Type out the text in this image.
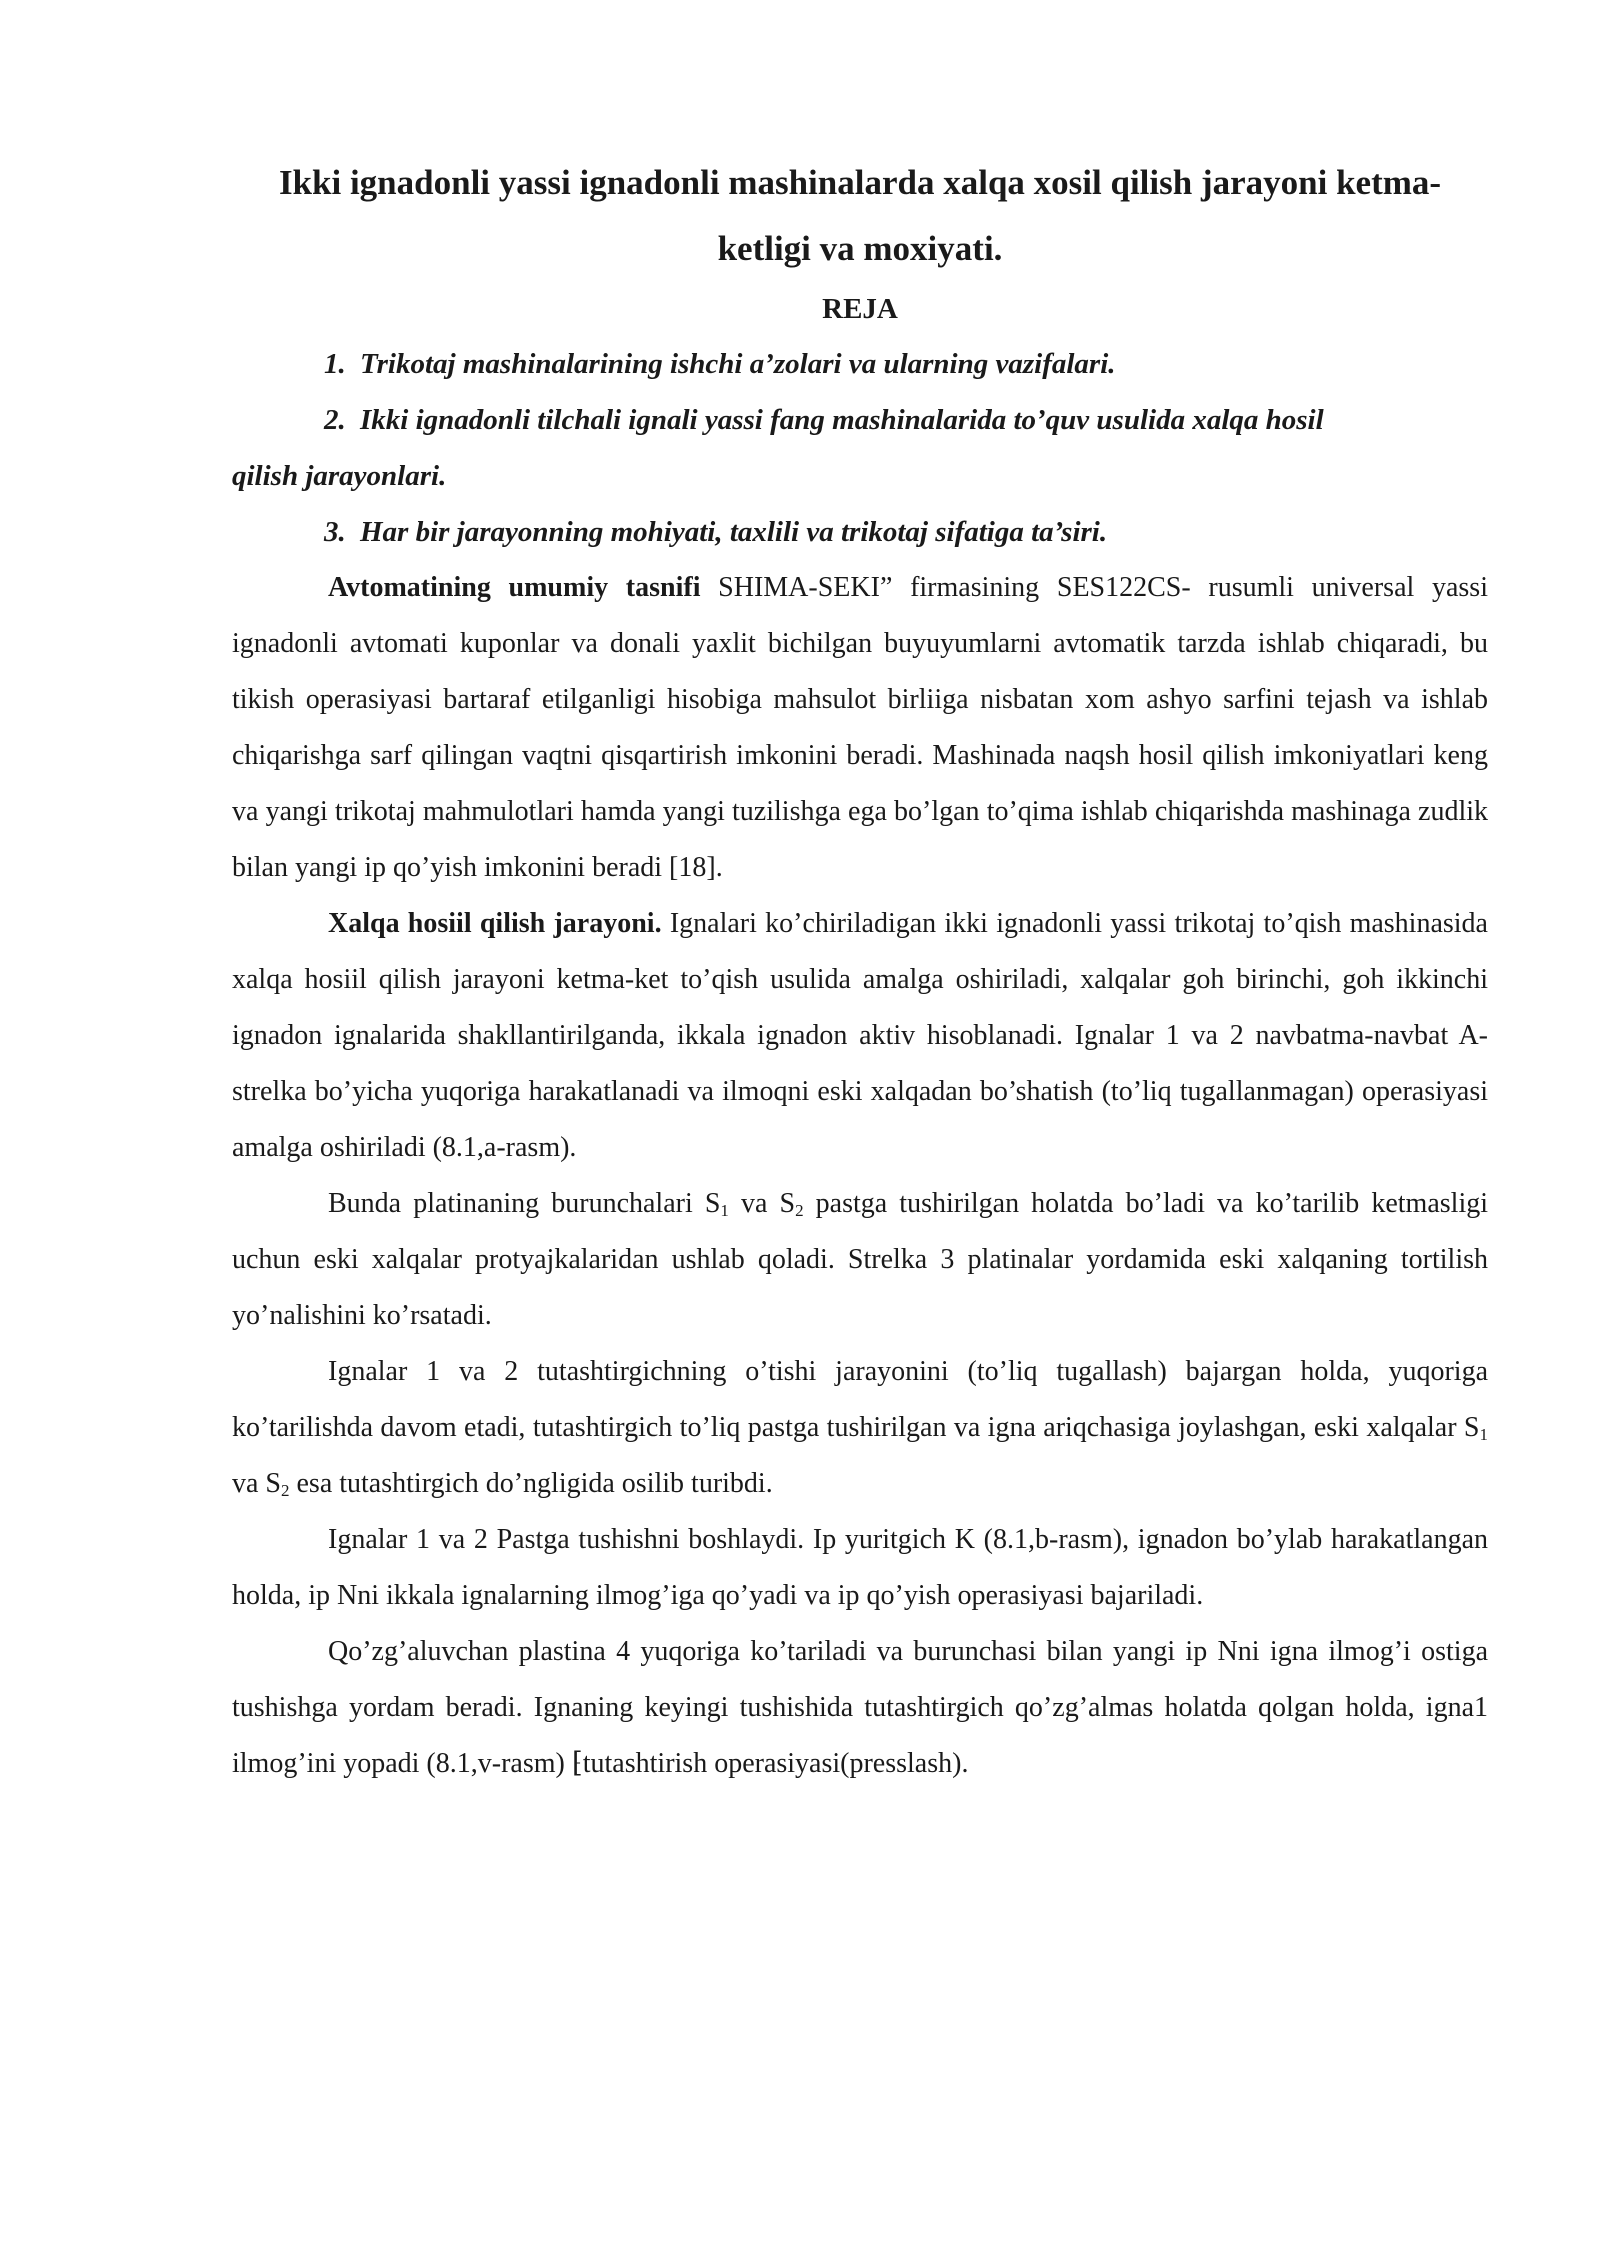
Ikki ignadonli yassi ignadonli mashinalarda xalqa xosil qilish jarayoni ketma-
ketligi va moxiyati.

REJA

1. Trikotaj mashinalarining ishchi a’zolari va ularning vazifalari.

2. Ikki ignadonli tilchali ignali yassi fang mashinalarida to’quv usulida xalqa hosil

qilish jarayonlari.

3. Har bir jarayonning mohiyati, taxlili va trikotaj sifatiga ta’siri.

Avtomatining umumiy tasnifi SHIMA-SEKI” firmasining SES122CS- rusumli universal yassi ignadonli avtomati kuponlar va donali yaxlit bichilgan buyuyumlarni avtomatik tarzda ishlab chiqaradi, bu tikish operasiyasi bartaraf etilganligi hisobiga mahsulot birliiga nisbatan xom ashyo sarfini tejash va ishlab chiqarishga sarf qilingan vaqtni qisqartirish imkonini beradi. Mashinada naqsh hosil qilish imkoniyatlari keng va yangi trikotaj mahmulotlari hamda yangi tuzilishga ega bo’lgan to’qima ishlab chiqarishda mashinaga zudlik bilan yangi ip qo’yish imkonini beradi [18].

Xalqa hosiil qilish jarayoni. Ignalari ko’chiriladigan ikki ignadonli yassi trikotaj to’qish mashinasida xalqa hosiil qilish jarayoni ketma-ket to’qish usulida amalga oshiriladi, xalqalar goh birinchi, goh ikkinchi ignadon ignalarida shakllantirilganda, ikkala ignadon aktiv hisoblanadi. Ignalar 1 va 2 navbatma-navbat A-strelka bo’yicha yuqoriga harakatlanadi va ilmoqni eski xalqadan bo’shatish (to’liq tugallanmagan) operasiyasi amalga oshiriladi (8.1,a-rasm).

Bunda platinaning burunchalari $S_1$ va $S_2$ pastga tushirilgan holatda bo’ladi va ko’tarilib ketmasligi uchun eski xalqalar protyajkalaridan ushlab qoladi. Strelka 3 platinalar yordamida eski xalqaning tortilish yo’nalishini ko’rsatadi.

Ignalar 1 va 2 tutashtirgichning o’tishi jarayonini (to’liq tugallash) bajargan holda, yuqoriga ko’tarilishda davom etadi, tutashtirgich to’liq pastga tushirilgan va igna ariqchasiga joylashgan, eski xalqalar $S_1$ va $S_2$ esa tutashtirgich do’ngligida osilib turibdi.

Ignalar 1 va 2 Pastga tushishni boshlaydi. Ip yuritgich K (8.1,b-rasm), ignadon bo’ylab harakatlangan holda, ip Nni ikkala ignalarning ilmog’iga qo’yadi va ip qo’yish operasiyasi bajariladi.

Qo’zg’aluvchan plastina 4 yuqoriga ko’tariladi va burunchasi bilan yangi ip Nni igna ilmog’i ostiga tushishga yordam beradi. Ignaning keyingi tushishida tutashtirgich qo’zg’almas holatda qolgan holda, igna1 ilmog’ini yopadi (8.1,v-rasm) ⁅tutashtirish operasiyasi(presslash).
